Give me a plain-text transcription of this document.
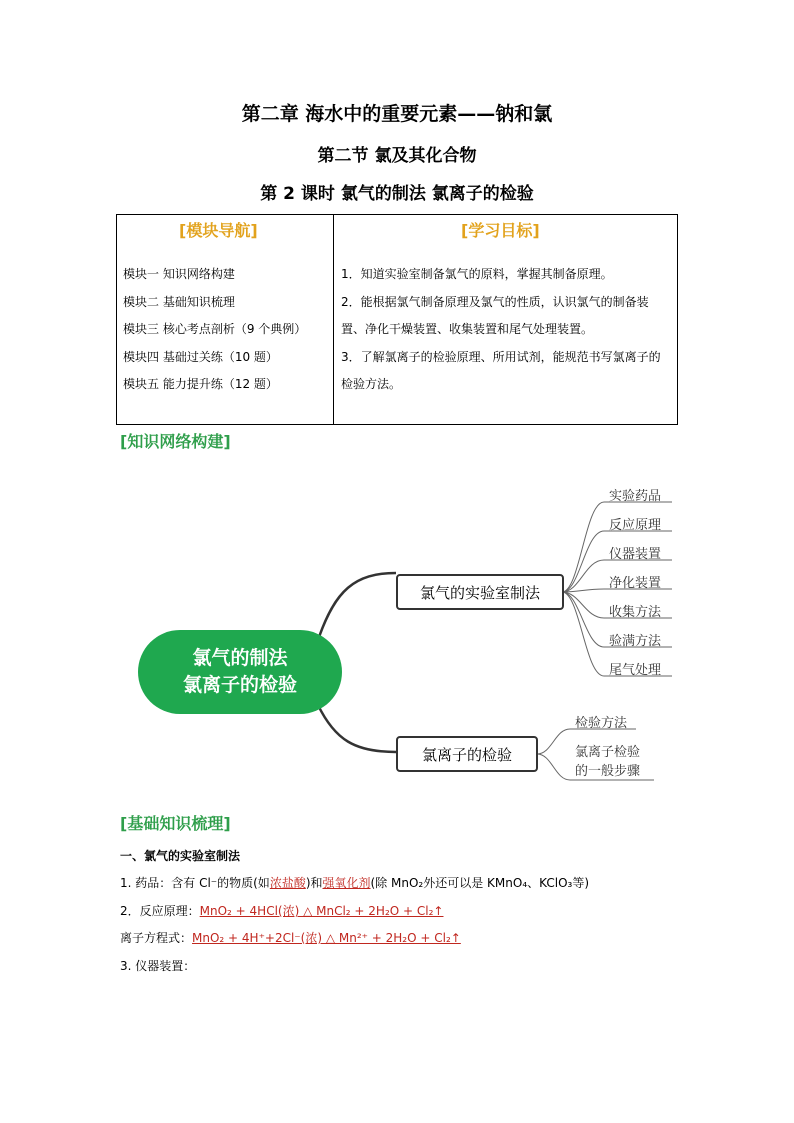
第二章 海水中的重要元素——钠和氯
第二节 氯及其化合物
第 2 课时 氯气的制法 氯离子的检验
[模块导航]	[学习目标]
模块一 知识网络构建
模块二 基础知识梳理
模块三 核心考点剖析（9 个典例）
模块四 基础过关练（10 题）
模块五 能力提升练（12 题）
1．知道实验室制备氯气的原料，掌握其制备原理。
2．能根据氯气制备原理及氯气的性质，认识氯气的制备装置、净化干燥装置、收集装置和尾气处理装置。
3．了解氯离子的检验原理、所用试剂，能规范书写氯离子的检验方法。
[知识网络构建]
氯气的制法
氯离子的检验
氯气的实验室制法
氯离子的检验
实验药品
反应原理
仪器装置
净化装置
收集方法
验满方法
尾气处理
检验方法
氯离子检验
的一般步骤
[基础知识梳理]
一、氯气的实验室制法
1. 药品：含有 Cl⁻的物质(如浓盐酸)和强氧化剂(除 MnO₂外还可以是 KMnO₄、KClO₃等)
2．反应原理：MnO₂ + 4HCl(浓) △ MnCl₂ + 2H₂O + Cl₂↑
离子方程式：MnO₂ + 4H⁺+2Cl⁻(浓) △ Mn²⁺ + 2H₂O + Cl₂↑
3. 仪器装置：
